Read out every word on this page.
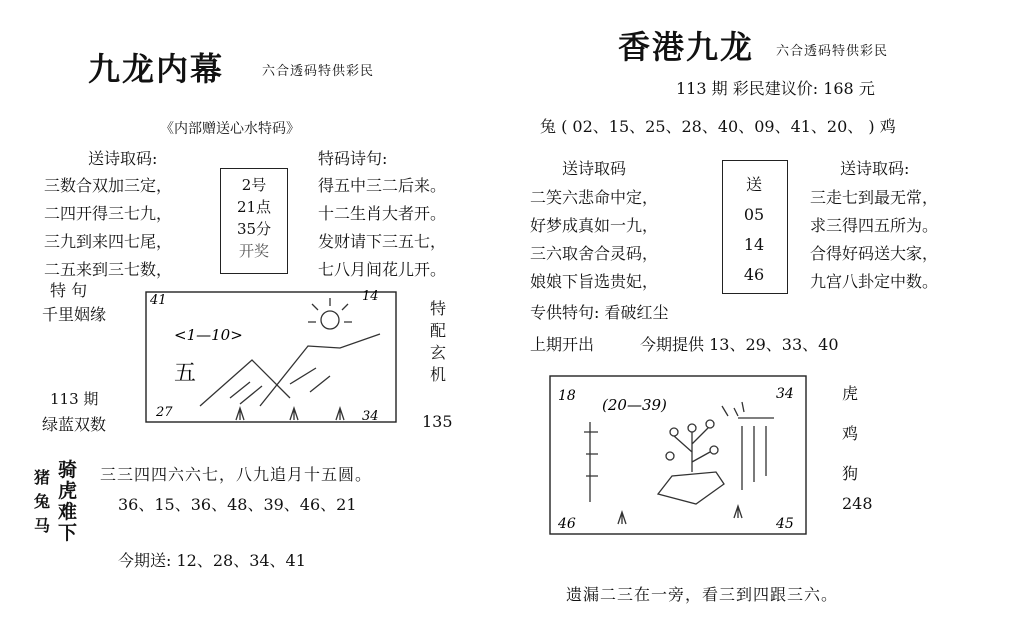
九龙内幕	六合透码特供彩民
《内部赠送心水特码》
送诗取码:
三数合双加三定，
二四开得三七九，
三九到来四七尾，
二五来到三七数，
2号
21点
35分
开奖
特码诗句:
得五中三二后来。
十二生肖大者开。
发财请下三五七，
七八月间花儿开。
特 句
千里姻缘
113 期
绿蓝双数
41	14
27	34
<1—10>
五
特
配
玄
机
135
猪
兔
马
骑
虎
难
下
三三四四六六七，八九追月十五圆。
36、15、36、48、39、46、21
今期送: 12、28、34、41
香港九龙 六合透码特供彩民
113 期 彩民建议价: 168 元
兔 ( 02、15、25、28、40、09、41、20、 ) 鸡
送诗取码
二笑六悲命中定，
好梦成真如一九，
三六取舍合灵码，
娘娘下旨选贵妃，
送
05
14
46
送诗取码:
三走七到最无常，
求三得四五所为。
合得好码送大家，
九宫八卦定中数。
专供特句: 看破红尘
上期开出	今期提供 13、29、33、40
18	34
46	45
(20—39)
虎
鸡
狗
248
遗漏二三在一旁，看三到四跟三六。
